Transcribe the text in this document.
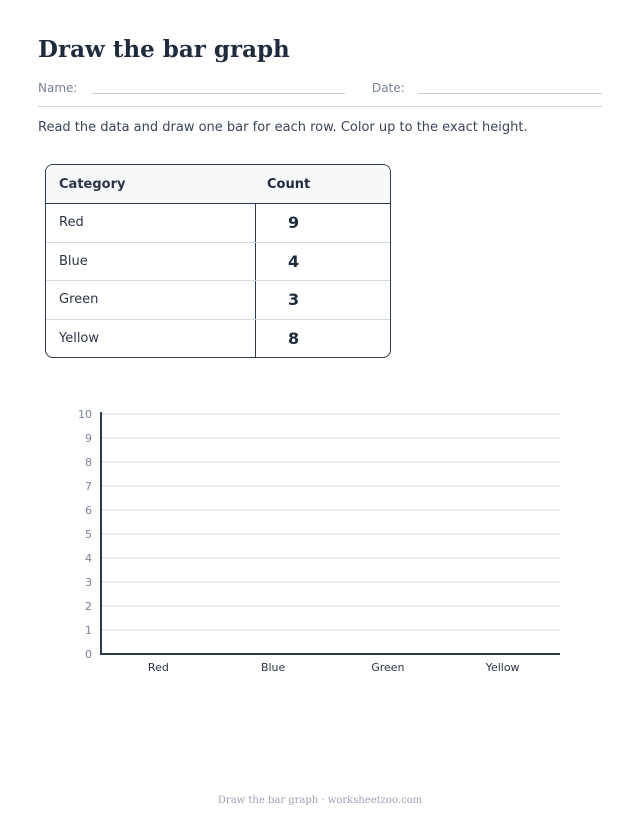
Draw the bar graph
Name:	Date:
Read the data and draw one bar for each row. Color up to the exact height.
Category	Count
Red	9
Blue	4
Green	3
Yellow	8
0
1
2
3
4
5
6
7
8
9
10
Red	Blue	Green	Yellow
Draw the bar graph · worksheetzoo.com
